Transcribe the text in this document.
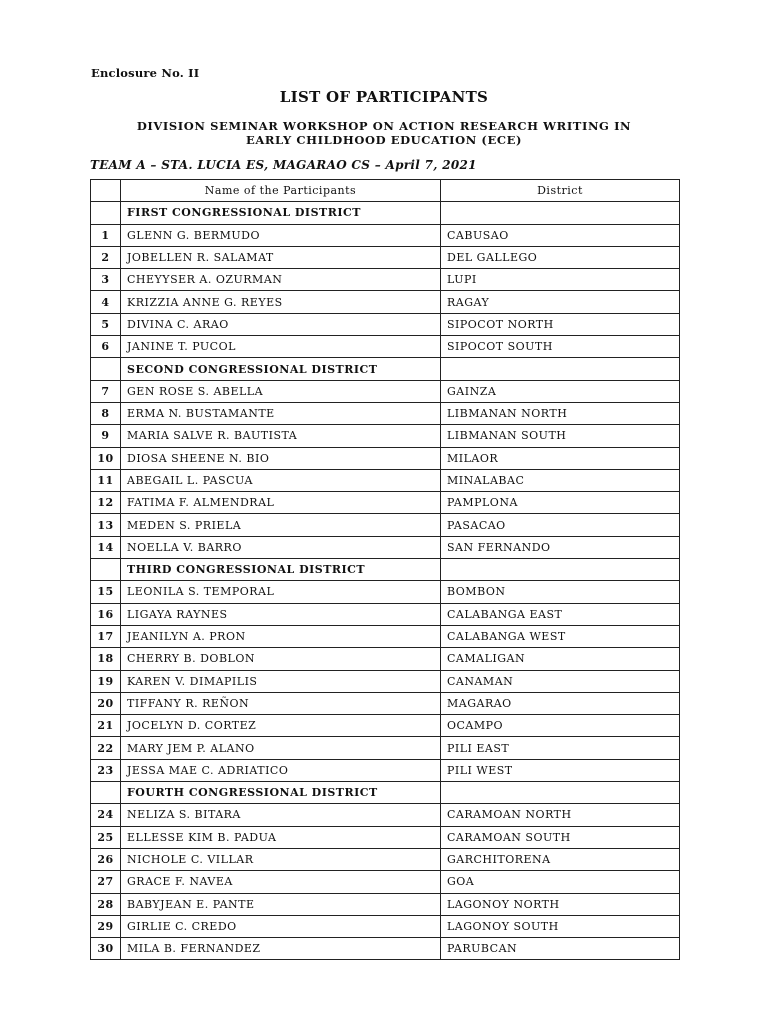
Enclosure No. II
LIST OF PARTICIPANTS
DIVISION SEMINAR WORKSHOP ON ACTION RESEARCH WRITING IN
EARLY CHILDHOOD EDUCATION (ECE)
TEAM A – STA. LUCIA ES, MAGARAO CS – April 7, 2021
	Name of the Participants	District
	FIRST CONGRESSIONAL DISTRICT	
1	GLENN G. BERMUDO	CABUSAO
2	JOBELLEN R. SALAMAT	DEL GALLEGO
3	CHEYYSER A. OZURMAN	LUPI
4	KRIZZIA ANNE G. REYES	RAGAY
5	DIVINA C. ARAO	SIPOCOT NORTH
6	JANINE T. PUCOL	SIPOCOT SOUTH
	SECOND CONGRESSIONAL DISTRICT	
7	GEN ROSE S. ABELLA	GAINZA
8	ERMA N. BUSTAMANTE	LIBMANAN NORTH
9	MARIA SALVE R. BAUTISTA	LIBMANAN SOUTH
10	DIOSA SHEENE N. BIO	MILAOR
11	ABEGAIL L. PASCUA	MINALABAC
12	FATIMA F. ALMENDRAL	PAMPLONA
13	MEDEN S. PRIELA	PASACAO
14	NOELLA V. BARRO	SAN FERNANDO
	THIRD CONGRESSIONAL DISTRICT	
15	LEONILA S. TEMPORAL	BOMBON
16	LIGAYA RAYNES	CALABANGA EAST
17	JEANILYN A. PRON	CALABANGA WEST
18	CHERRY B. DOBLON	CAMALIGAN
19	KAREN V. DIMAPILIS	CANAMAN
20	TIFFANY R. REÑON	MAGARAO
21	JOCELYN D. CORTEZ	OCAMPO
22	MARY JEM P. ALANO	PILI EAST
23	JESSA MAE C. ADRIATICO	PILI WEST
	FOURTH CONGRESSIONAL DISTRICT	
24	NELIZA S. BITARA	CARAMOAN NORTH
25	ELLESSE KIM B. PADUA	CARAMOAN SOUTH
26	NICHOLE C. VILLAR	GARCHITORENA
27	GRACE F. NAVEA	GOA
28	BABYJEAN E. PANTE	LAGONOY NORTH
29	GIRLIE C. CREDO	LAGONOY SOUTH
30	MILA B. FERNANDEZ	PARUBCAN
